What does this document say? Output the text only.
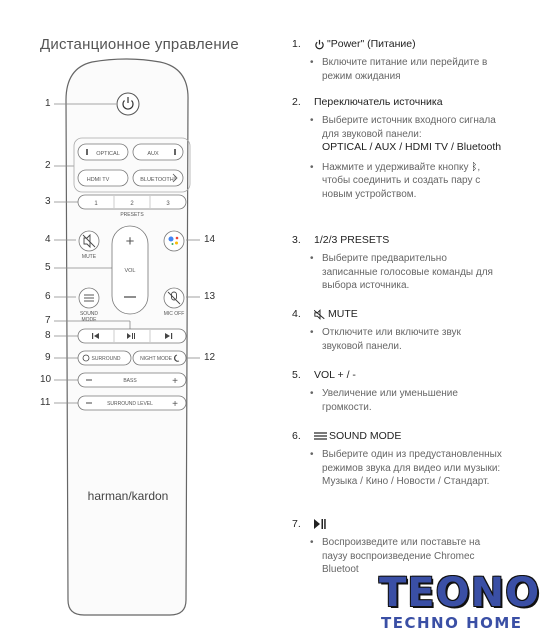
Дистанционное управление
OPTICAL	AUX
HDMI TV	BLUETOOTH
1	2	3
PRESETS
MUTE
+
VOL
SOUND
MODE
MIC OFF
SURROUND	NIGHT MODE
BASS	+
SURROUND LEVEL +
harman/kardon
1
2
3
4
5
6
7
8
9
10
11
12
13
14
1.	"Power" (Питание)
• Включите питание или перейдите в режим ожидания
2.	Переключатель источника
• Выберите источник входного сигнала для звуковой панели:
OPTICAL / AUX / HDMI TV / Bluetooth
• Нажмите и удерживайте кнопку ᛒ, чтобы соединить и создать пару с новым устройством.
3.	1/2/3 PRESETS
• Выберите предварительно записанные голосовые команды для выбора источника.
4.	MUTE
• Отключите или включите звук звуковой панели.
5.	VOL + / -
• Увеличение или уменьшение громкости.
6.	SOUND MODE
• Выберите один из предустановленных режимов звука для видео или музыки: Музыка / Кино / Новости / Стандарт.
7.
• Воспроизведите или поставьте на паузу воспроизведение Chromec
Bluetoot
TEONO
TECHNO HOME
